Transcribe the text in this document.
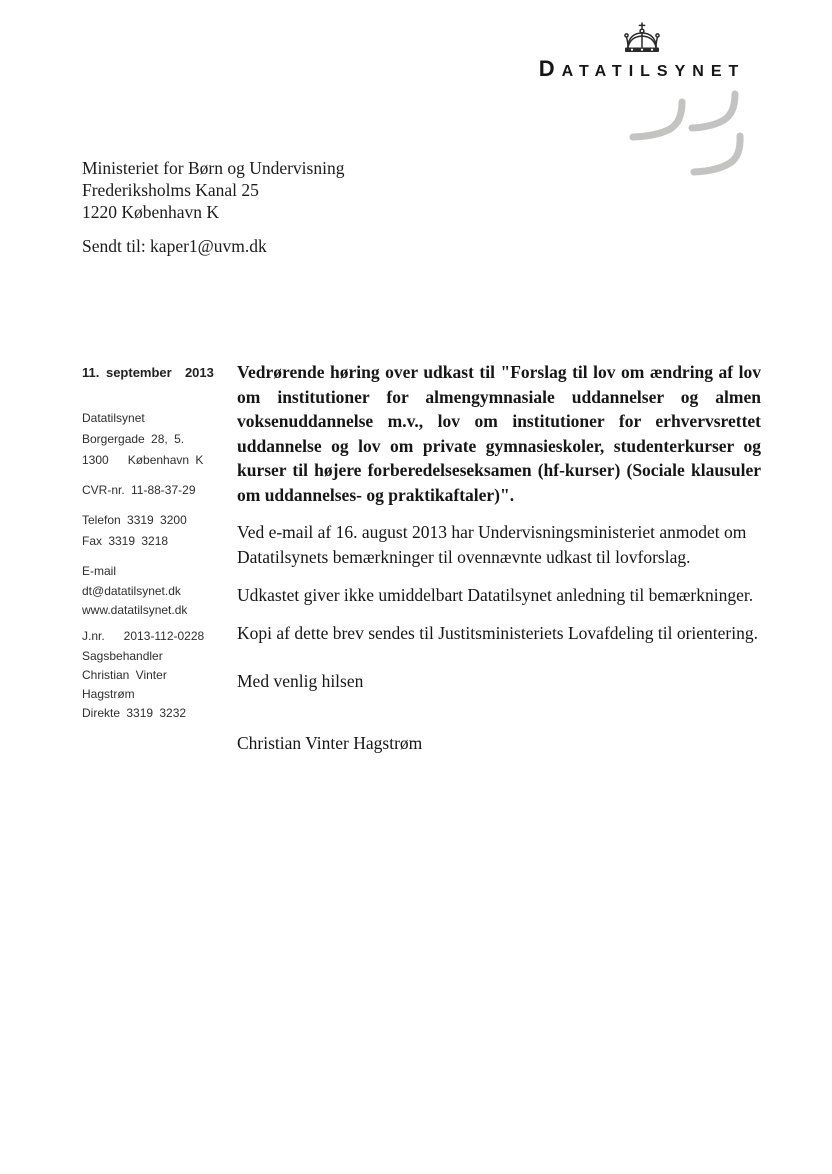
DATATILSYNET
Ministeriet for Børn og Undervisning
Frederiksholms Kanal 25
1220 København K
Sendt til: kaper1@uvm.dk
11. september  2013
Datatilsynet
Borgergade 28, 5.
1300   København K
CVR-nr. 11-88-37-29
Telefon 3319 3200
Fax 3319 3218
E-mail
dt@datatilsynet.dk
www.datatilsynet.dk
J.nr.   2013-112-0228
Sagsbehandler
Christian Vinter
Hagstrøm
Direkte 3319 3232

Vedrørende høring over udkast til "Forslag til lov om ændring af lov om institutioner for almengymnasiale uddannelser og almen voksenuddannelse m.v., lov om institutioner for erhvervsrettet uddannelse og lov om private gymnasieskoler, studenterkurser og kurser til højere forberedelseseksamen (hf-kurser) (Sociale klausuler om uddannelses- og praktikaftaler)".

Ved e-mail af 16. august 2013 har Undervisningsministeriet anmodet om Datatilsynets bemærkninger til ovennævnte udkast til lovforslag.

Udkastet giver ikke umiddelbart Datatilsynet anledning til bemærkninger.

Kopi af dette brev sendes til Justitsministeriets Lovafdeling til orientering.

Med venlig hilsen

Christian Vinter Hagstrøm
